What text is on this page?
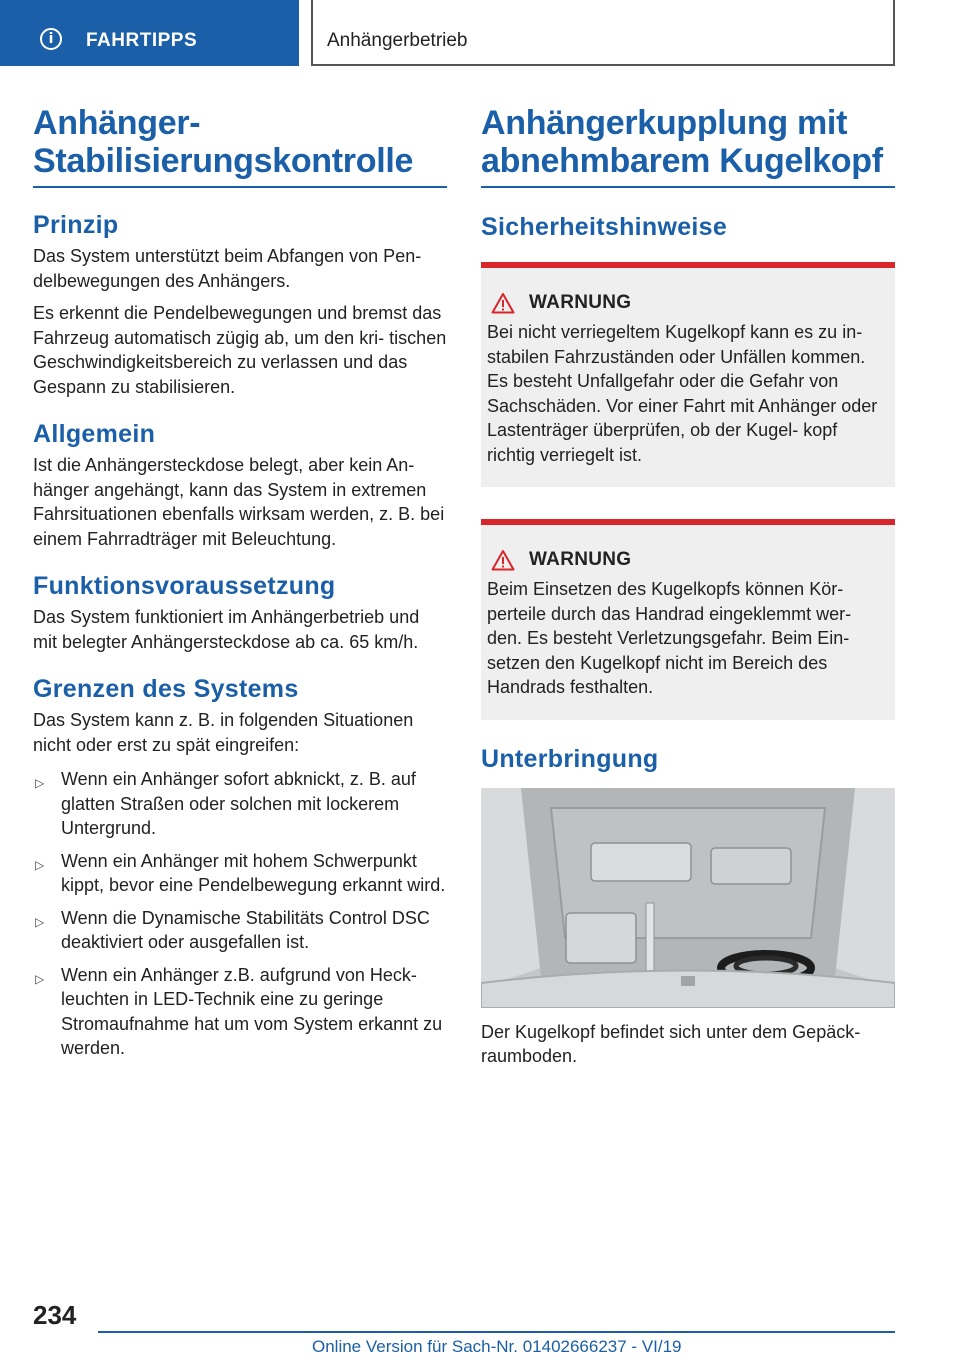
i	FAHRTIPPS	Anhängerbetrieb
Anhänger-
Stabilisierungskontrolle
Prinzip

Das System unterstützt beim Abfangen von Pen- delbewegungen des Anhängers.

Es erkennt die Pendelbewegungen und bremst das Fahrzeug automatisch zügig ab, um den kri- tischen Geschwindigkeitsbereich zu verlassen und das Gespann zu stabilisieren.

Allgemein

Ist die Anhängersteckdose belegt, aber kein An- hänger angehängt, kann das System in extremen Fahrsituationen ebenfalls wirksam werden, z. B. bei einem Fahrradträger mit Beleuchtung.

Funktionsvoraussetzung

Das System funktioniert im Anhängerbetrieb und mit belegter Anhängersteckdose ab ca. 65 km/h.

Grenzen des Systems

Das System kann z. B. in folgenden Situationen nicht oder erst zu spät eingreifen:

▷ Wenn ein Anhänger sofort abknickt, z. B. auf glatten Straßen oder solchen mit lockerem Untergrund.
▷ Wenn ein Anhänger mit hohem Schwerpunkt kippt, bevor eine Pendelbewegung erkannt wird.
▷ Wenn die Dynamische Stabilitäts Control DSC deaktiviert oder ausgefallen ist.
▷ Wenn ein Anhänger z.B. aufgrund von Heck- leuchten in LED-Technik eine zu geringe Stromaufnahme hat um vom System erkannt zu werden.
Anhängerkupplung mit abnehmbarem Kugelkopf
Sicherheitshinweise
WARNUNG

Bei nicht verriegeltem Kugelkopf kann es zu in- stabilen Fahrzuständen oder Unfällen kommen. Es besteht Unfallgefahr oder die Gefahr von Sachschäden. Vor einer Fahrt mit Anhänger oder Lastenträger überprüfen, ob der Kugel- kopf richtig verriegelt ist.

WARNUNG

Beim Einsetzen des Kugelkopfs können Kör- perteile durch das Handrad eingeklemmt wer- den. Es besteht Verletzungsgefahr. Beim Ein- setzen den Kugelkopf nicht im Bereich des Handrads festhalten.

Unterbringung

Der Kugelkopf befindet sich unter dem Gepäck- raumboden.

234
Online Version für Sach-Nr. 01402666237 - VI/19
